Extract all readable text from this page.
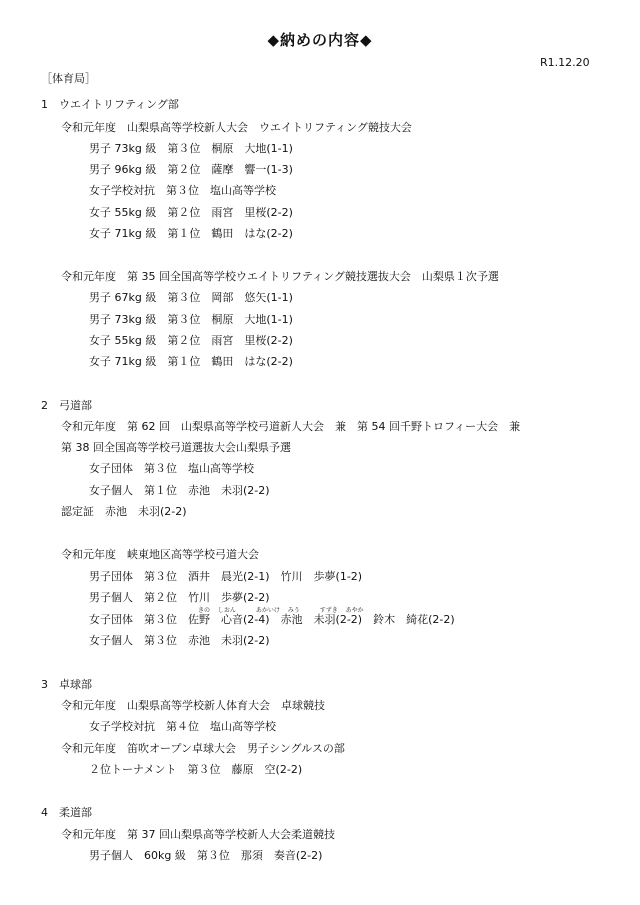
◆納めの内容◆
R1.12.20
［体育局］
1　ウエイトリフティング部
令和元年度　山梨県高等学校新人大会　ウエイトリフティング競技大会
男子 73kg 級　第３位　桐原　大地(1-1)
男子 96kg 級　第２位　薩摩　響一(1-3)
女子学校対抗　第３位　塩山高等学校
女子 55kg 級　第２位　雨宮　里桜(2-2)
女子 71kg 級　第１位　鶴田　はな(2-2)
令和元年度　第 35 回全国高等学校ウエイトリフティング競技選抜大会　山梨県１次予選
男子 67kg 級　第３位　岡部　悠矢(1-1)
男子 73kg 級　第３位　桐原　大地(1-1)
女子 55kg 級　第２位　雨宮　里桜(2-2)
女子 71kg 級　第１位　鶴田　はな(2-2)
2　弓道部
令和元年度　第 62 回　山梨県高等学校弓道新人大会　兼　第 54 回千野トロフィー大会　兼
第 38 回全国高等学校弓道選抜大会山梨県予選
女子団体　第３位　塩山高等学校
女子個人　第１位　赤池　未羽(2-2)
認定証　赤池　未羽(2-2)
令和元年度　峡東地区高等学校弓道大会
男子団体　第３位　酒井　晨光(2-1)　竹川　歩夢(1-2)
男子個人　第２位　竹川　歩夢(2-2)
きの　 しおん　　　 あかいけ　 みう　　　 すずき　 あやか
女子団体　第３位　佐野　心音(2-4)　赤池　未羽(2-2)　鈴木　綺花(2-2)
女子個人　第３位　赤池　未羽(2-2)
3　卓球部
令和元年度　山梨県高等学校新人体育大会　卓球競技
女子学校対抗　第４位　塩山高等学校
令和元年度　笛吹オープン卓球大会　男子シングルスの部
２位トーナメント　第３位　藤原　空(2-2)
4　柔道部
令和元年度　第 37 回山梨県高等学校新人大会柔道競技
男子個人　60kg 級　第３位　那須　奏音(2-2)
